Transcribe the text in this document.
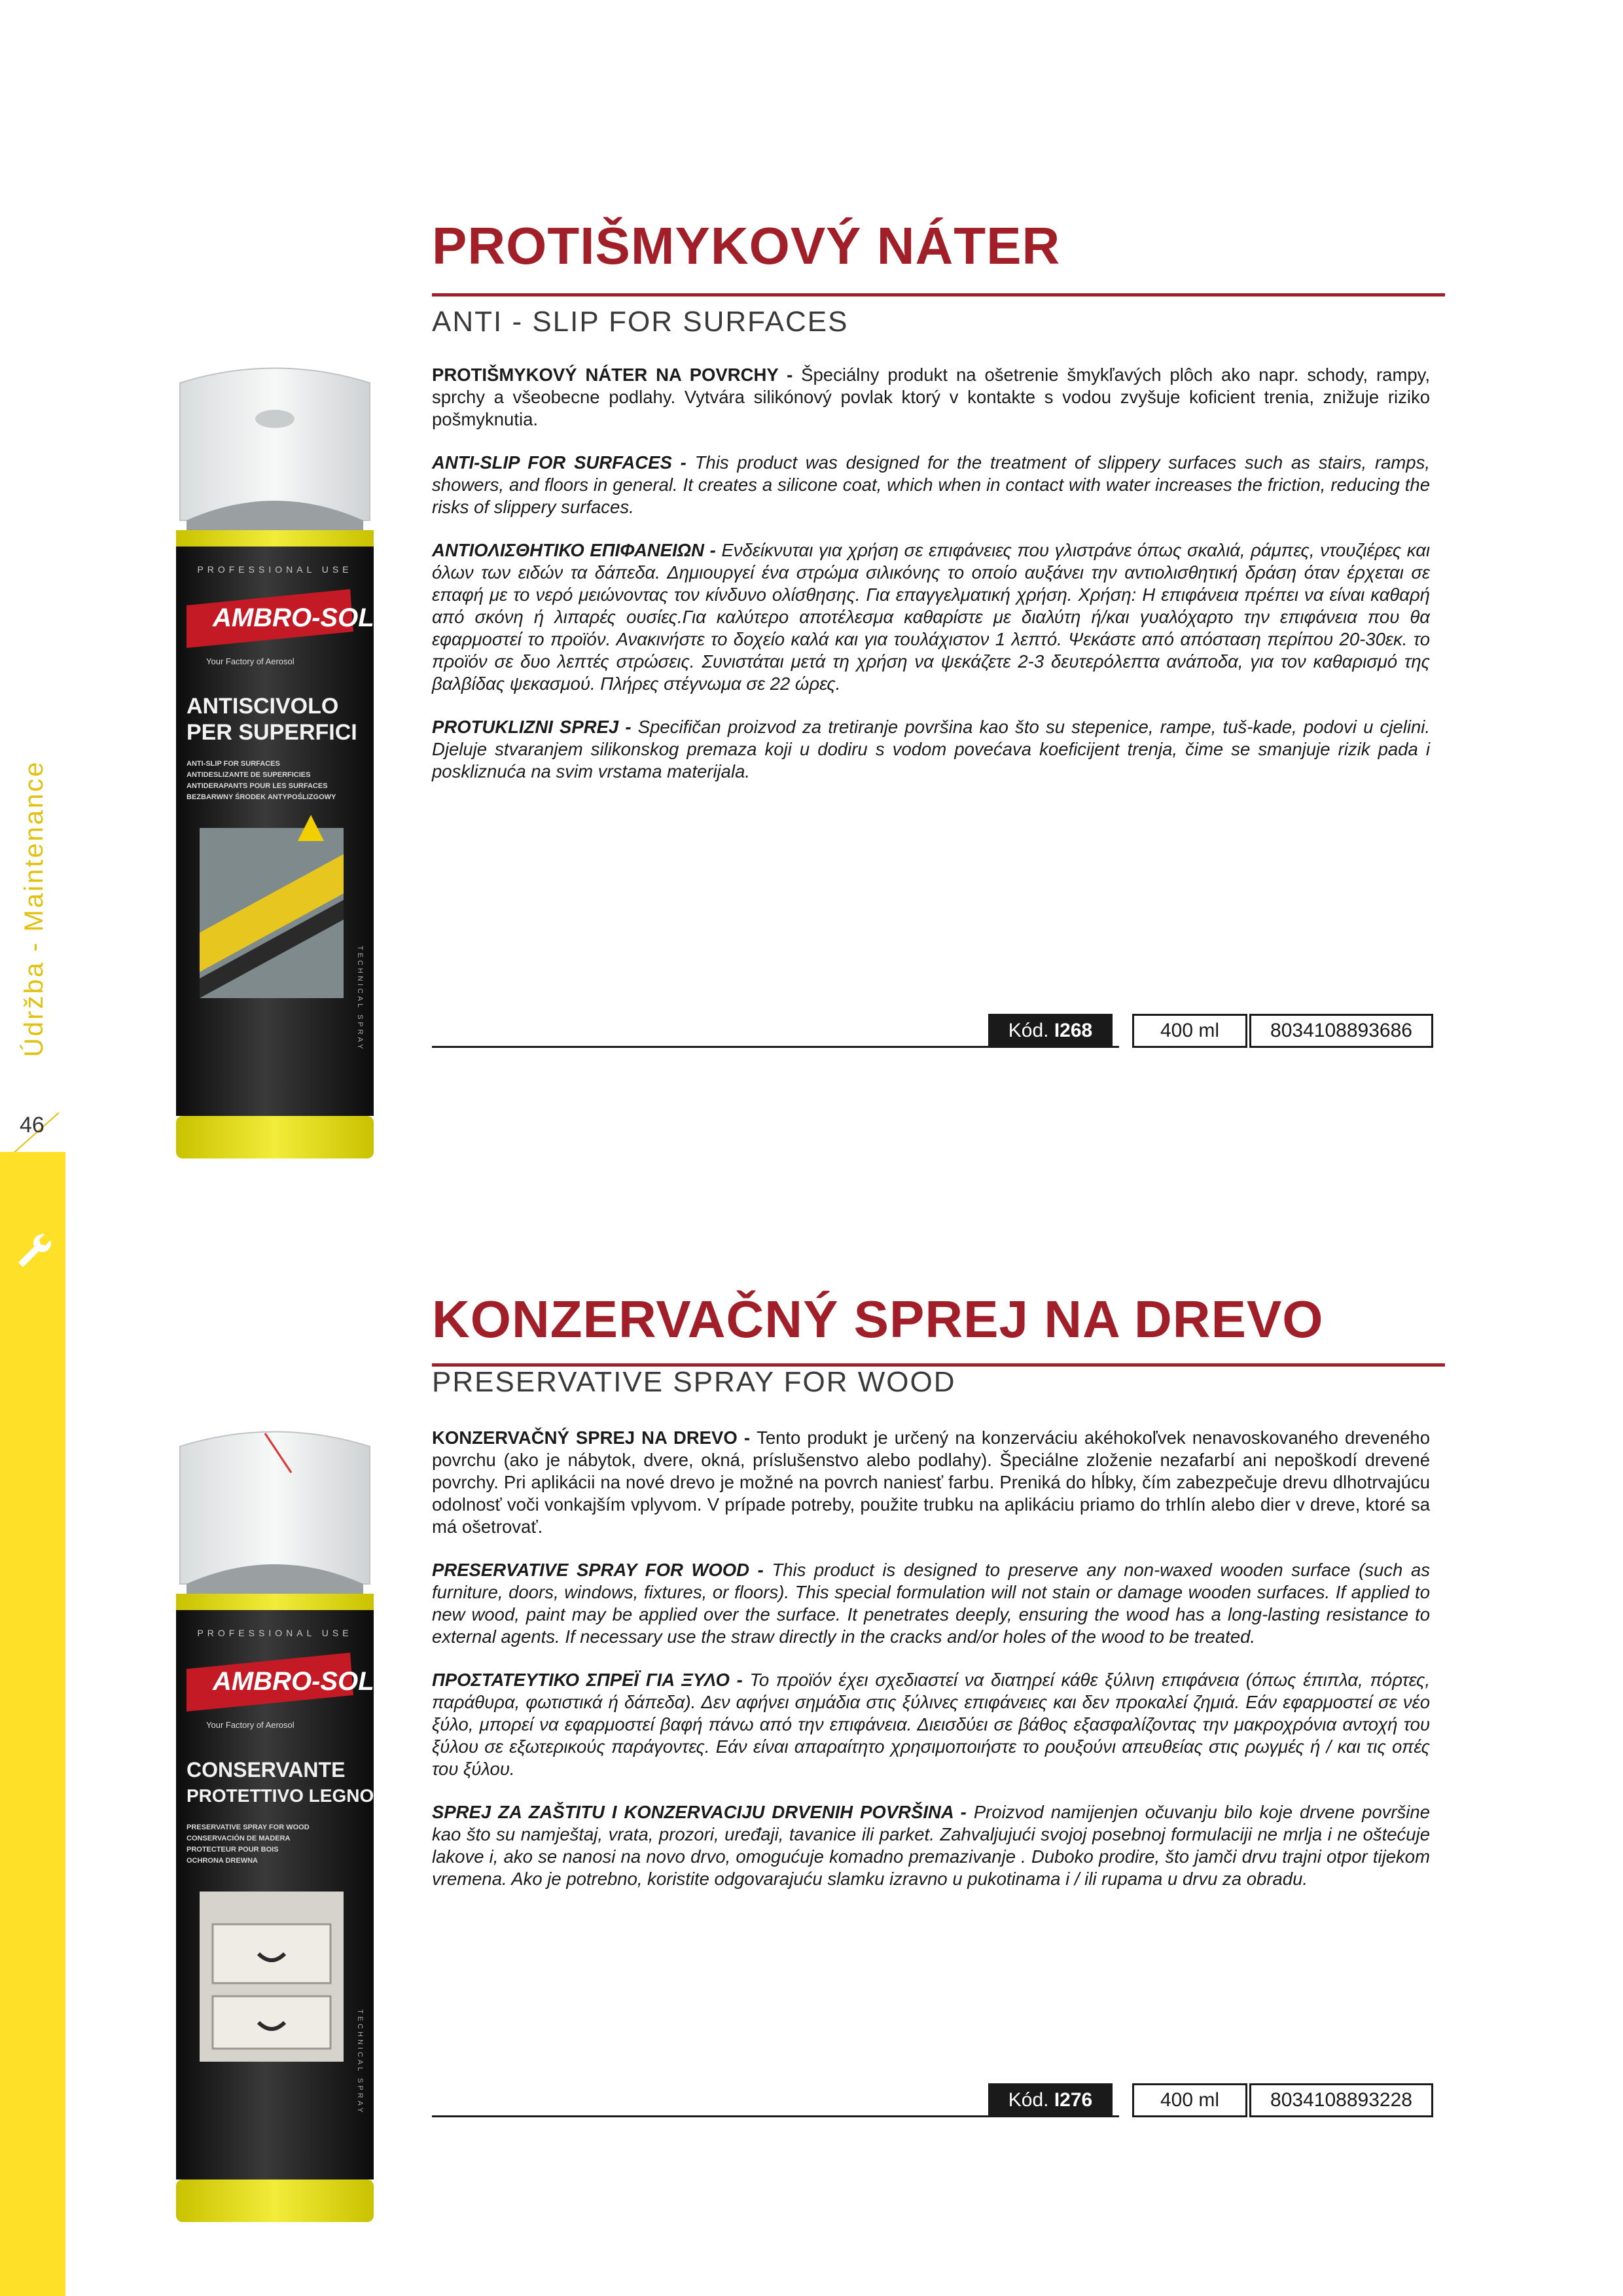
Údržba - Maintenance
46
PROTIŠMYKOVÝ NÁTER
ANTI - SLIP FOR SURFACES
PROFESSIONAL USE
AMBRO-SOL
Your Factory of Aerosol
ANTISCIVOLO
PER SUPERFICI
ANTI-SLIP FOR SURFACES
ANTIDESLIZANTE DE SUPERFICIES
ANTIDERAPANTS POUR LES SURFACES
BEZBARWNY ŚRODEK ANTYPOŚLIZGOWY
TECHNICAL SPRAY

PROTIŠMYKOVÝ NÁTER NA POVRCHY - Špeciálny produkt na ošetrenie šmykľavých plôch ako napr. schody, rampy, sprchy a všeobecne podlahy. Vytvára silikónový povlak ktorý v kontakte s vodou zvyšuje koficient trenia, znižuje riziko pošmyknutia.

ANTI-SLIP FOR SURFACES - This product was designed for the treatment of slippery surfaces such as stairs, ramps, showers, and floors in general. It creates a silicone coat, which when in contact with water increases the friction, reducing the risks of slippery surfaces.

ΑΝΤΙΟΛΙΣΘΗΤΙΚΟ ΕΠΙΦΑΝΕΙΩΝ - Ενδείκνυται για χρήση σε επιφάνειες που γλιστράνε όπως σκαλιά, ράμπες, ντουζιέρες και όλων των ειδών τα δάπεδα. Δημιουργεί ένα στρώμα σιλικόνης το οποίο αυξάνει την αντιολισθητική δράση όταν έρχεται σε επαφή με το νερό μειώνοντας τον κίνδυνο ολίσθησης. Για επαγγελματική χρήση. Χρήση: Η επιφάνεια πρέπει να είναι καθαρή από σκόνη ή λιπαρές ουσίες.Για καλύτερο αποτέλεσμα καθαρίστε με διαλύτη ή/και γυαλόχαρτο την επιφάνεια που θα εφαρμοστεί το προϊόν. Ανακινήστε το δοχείο καλά και για τουλάχιστον 1 λεπτό. Ψεκάστε από απόσταση περίπου 20-30εκ. το προϊόν σε δυο λεπτές στρώσεις. Συνιστάται μετά τη χρήση να ψεκάζετε 2-3 δευτερόλεπτα ανάποδα, για τον καθαρισμό της βαλβίδας ψεκασμού. Πλήρες στέγνωμα σε 22 ώρες.

PROTUKLIZNI SPREJ - Specifičan proizvod za tretiranje površina kao što su stepenice, rampe, tuš-kade, podovi u cjelini. Djeluje stvaranjem silikonskog premaza koji u dodiru s vodom povećava koeficijent trenja, čime se smanjuje rizik pada i poskliznuća na svim vrstama materijala.

Kód. I268	400 ml	8034108893686
KONZERVAČNÝ SPREJ NA DREVO
PRESERVATIVE SPRAY FOR WOOD
PROFESSIONAL USE
AMBRO-SOL
Your Factory of Aerosol
CONSERVANTE
PROTETTIVO LEGNO
PRESERVATIVE SPRAY FOR WOOD
CONSERVACIÓN DE MADERA
PROTECTEUR POUR BOIS
OCHRONA DREWNA
TECHNICAL SPRAY

KONZERVAČNÝ SPREJ NA DREVO - Tento produkt je určený na konzerváciu akéhokoľvek nenavoskovaného dreveného povrchu (ako je nábytok, dvere, okná, príslušenstvo alebo podlahy). Špeciálne zloženie nezafarbí ani nepoškodí drevené povrchy. Pri aplikácii na nové drevo je možné na povrch naniesť farbu. Preniká do hĺbky, čím zabezpečuje drevu dlhotrvajúcu odolnosť voči vonkajším vplyvom. V prípade potreby, použite trubku na aplikáciu priamo do trhlín alebo dier v dreve, ktoré sa má ošetrovať.

PRESERVATIVE SPRAY FOR WOOD - This product is designed to preserve any non-waxed wooden surface (such as furniture, doors, windows, fixtures, or floors). This special formulation will not stain or damage wooden surfaces. If applied to new wood, paint may be applied over the surface. It penetrates deeply, ensuring the wood has a long-lasting resistance to external agents. If necessary use the straw directly in the cracks and/or holes of the wood to be treated.

ΠΡΟΣΤΑΤΕΥΤΙΚΟ ΣΠΡΕΪ ΓΙΑ ΞΥΛΟ - Το προϊόν έχει σχεδιαστεί να διατηρεί κάθε ξύλινη επιφάνεια (όπως έπιπλα, πόρτες, παράθυρα, φωτιστικά ή δάπεδα). Δεν αφήνει σημάδια στις ξύλινες επιφάνειες και δεν προκαλεί ζημιά. Εάν εφαρμοστεί σε νέο ξύλο, μπορεί να εφαρμοστεί βαφή πάνω από την επιφάνεια. Διεισδύει σε βάθος εξασφαλίζοντας την μακροχρόνια αντοχή του ξύλου σε εξωτερικούς παράγοντες. Εάν είναι απαραίτητο χρησιμοποιήστε το ρουξούνι απευθείας στις ρωγμές ή / και τις οπές του ξύλου.

SPREJ ZA ZAŠTITU I KONZERVACIJU DRVENIH POVRŠINA - Proizvod namijenjen očuvanju bilo koje drvene površine kao što su namještaj, vrata, prozori, uređaji, tavanice ili parket. Zahvaljujući svojoj posebnoj formulaciji ne mrlja i ne oštećuje lakove i, ako se nanosi na novo drvo, omogućuje komadno premazivanje . Duboko prodire, što jamči drvu trajni otpor tijekom vremena. Ako je potrebno, koristite odgovarajuću slamku izravno u pukotinama i / ili rupama u drvu za obradu.

Kód. I276	400 ml	8034108893228
